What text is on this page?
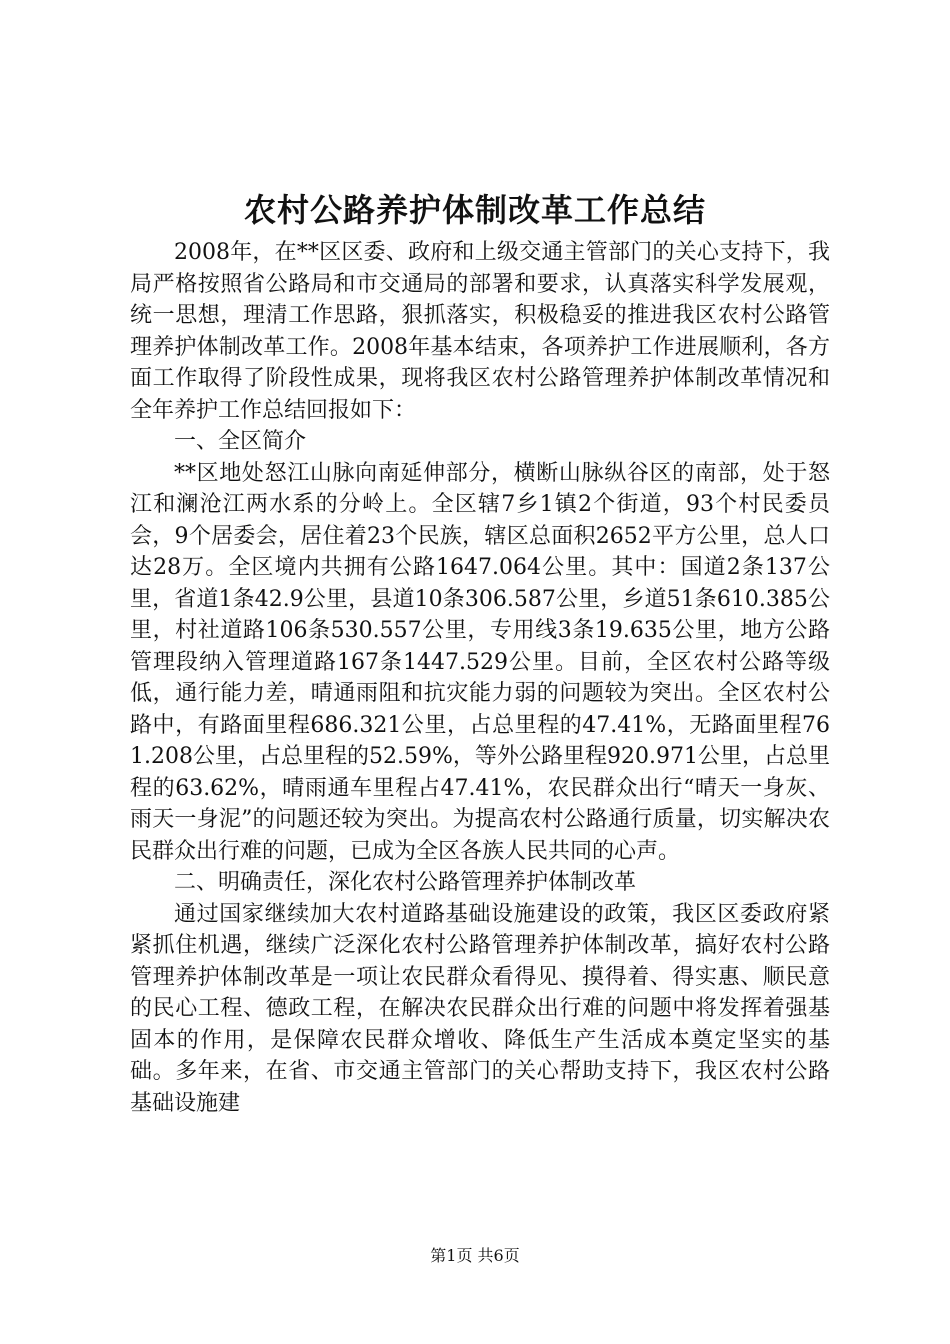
农村公路养护体制改革工作总结

2008年，在**区区委、政府和上级交通主管部门的关心支持下，我局严格按照省公路局和市交通局的部署和要求，认真落实科学发展观，统一思想，理清工作思路，狠抓落实，积极稳妥的推进我区农村公路管理养护体制改革工作。2008年基本结束，各项养护工作进展顺利，各方面工作取得了阶段性成果，现将我区农村公路管理养护体制改革情况和全年养护工作总结回报如下：

一、全区简介

**区地处怒江山脉向南延伸部分，横断山脉纵谷区的南部，处于怒江和澜沧江两水系的分岭上。全区辖7乡1镇2个街道，93个村民委员会，9个居委会，居住着23个民族，辖区总面积2652平方公里，总人口达28万。全区境内共拥有公路1647.064公里。其中：国道2条137公里，省道1条42.9公里，县道10条306.587公里，乡道51条610.385公里，村社道路106条530.557公里，专用线3条19.635公里，地方公路管理段纳入管理道路167条1447.529公里。目前，全区农村公路等级低，通行能力差，晴通雨阻和抗灾能力弱的问题较为突出。全区农村公路中，有路面里程686.321公里，占总里程的47.41%，无路面里程761.208公里，占总里程的52.59%，等外公路里程920.971公里，占总里程的63.62%，晴雨通车里程占47.41%，农民群众出行“晴天一身灰、雨天一身泥”的问题还较为突出。为提高农村公路通行质量，切实解决农民群众出行难的问题，已成为全区各族人民共同的心声。

二、明确责任，深化农村公路管理养护体制改革

通过国家继续加大农村道路基础设施建设的政策，我区区委政府紧紧抓住机遇，继续广泛深化农村公路管理养护体制改革，搞好农村公路管理养护体制改革是一项让农民群众看得见、摸得着、得实惠、顺民意的民心工程、德政工程，在解决农民群众出行难的问题中将发挥着强基固本的作用，是保障农民群众增收、降低生产生活成本奠定坚实的基础。多年来，在省、市交通主管部门的关心帮助支持下，我区农村公路基础设施建

第1页 共6页
